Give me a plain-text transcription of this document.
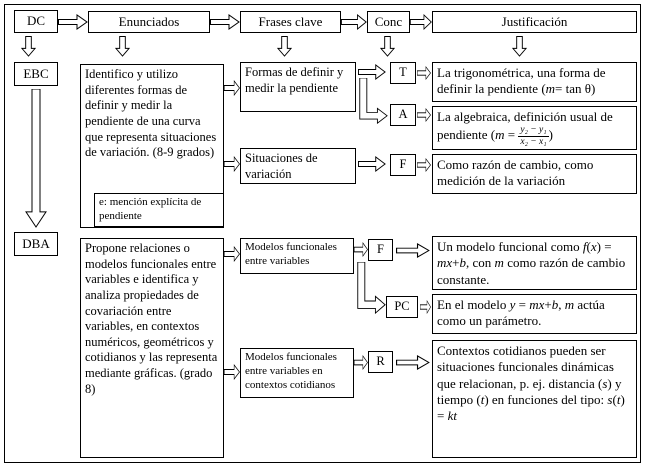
DC	Enunciados	Frases clave	Conc	Justificación
EBC
DBA
Identifico y utilizo diferentes formas de definir y medir la pendiente de una curva que representa situaciones de variación. (8-9 grados)
e: mención explícita de pendiente
Formas de definir y medir la pendiente
Situaciones de variación
T
A
F
La trigonométrica, una forma de definir la pendiente (m= tan θ)
La algebraica, definición usual de pendiente ($m = \frac{\text{y₂ − y₁}}{\text{x₂ − x₁}}$ )
Como razón de cambio, como medición de la variación
Propone relaciones o modelos funcionales entre variables e identifica y analiza propiedades de covariación entre variables, en contextos numéricos, geométricos y cotidianos y las representa mediante gráficas. (grado 8)
Modelos funcionales entre variables
Modelos funcionales entre variables en contextos cotidianos
F
PC
R
Un modelo funcional como f(x) = mx+b, con m como razón de cambio constante.
En el modelo y = mx+b, m actúa como un parámetro.
Contextos cotidianos pueden ser situaciones funcionales dinámicas que relacionan, p. ej. distancia (s) y tiempo (t) en funciones del tipo: s(t) = kt
